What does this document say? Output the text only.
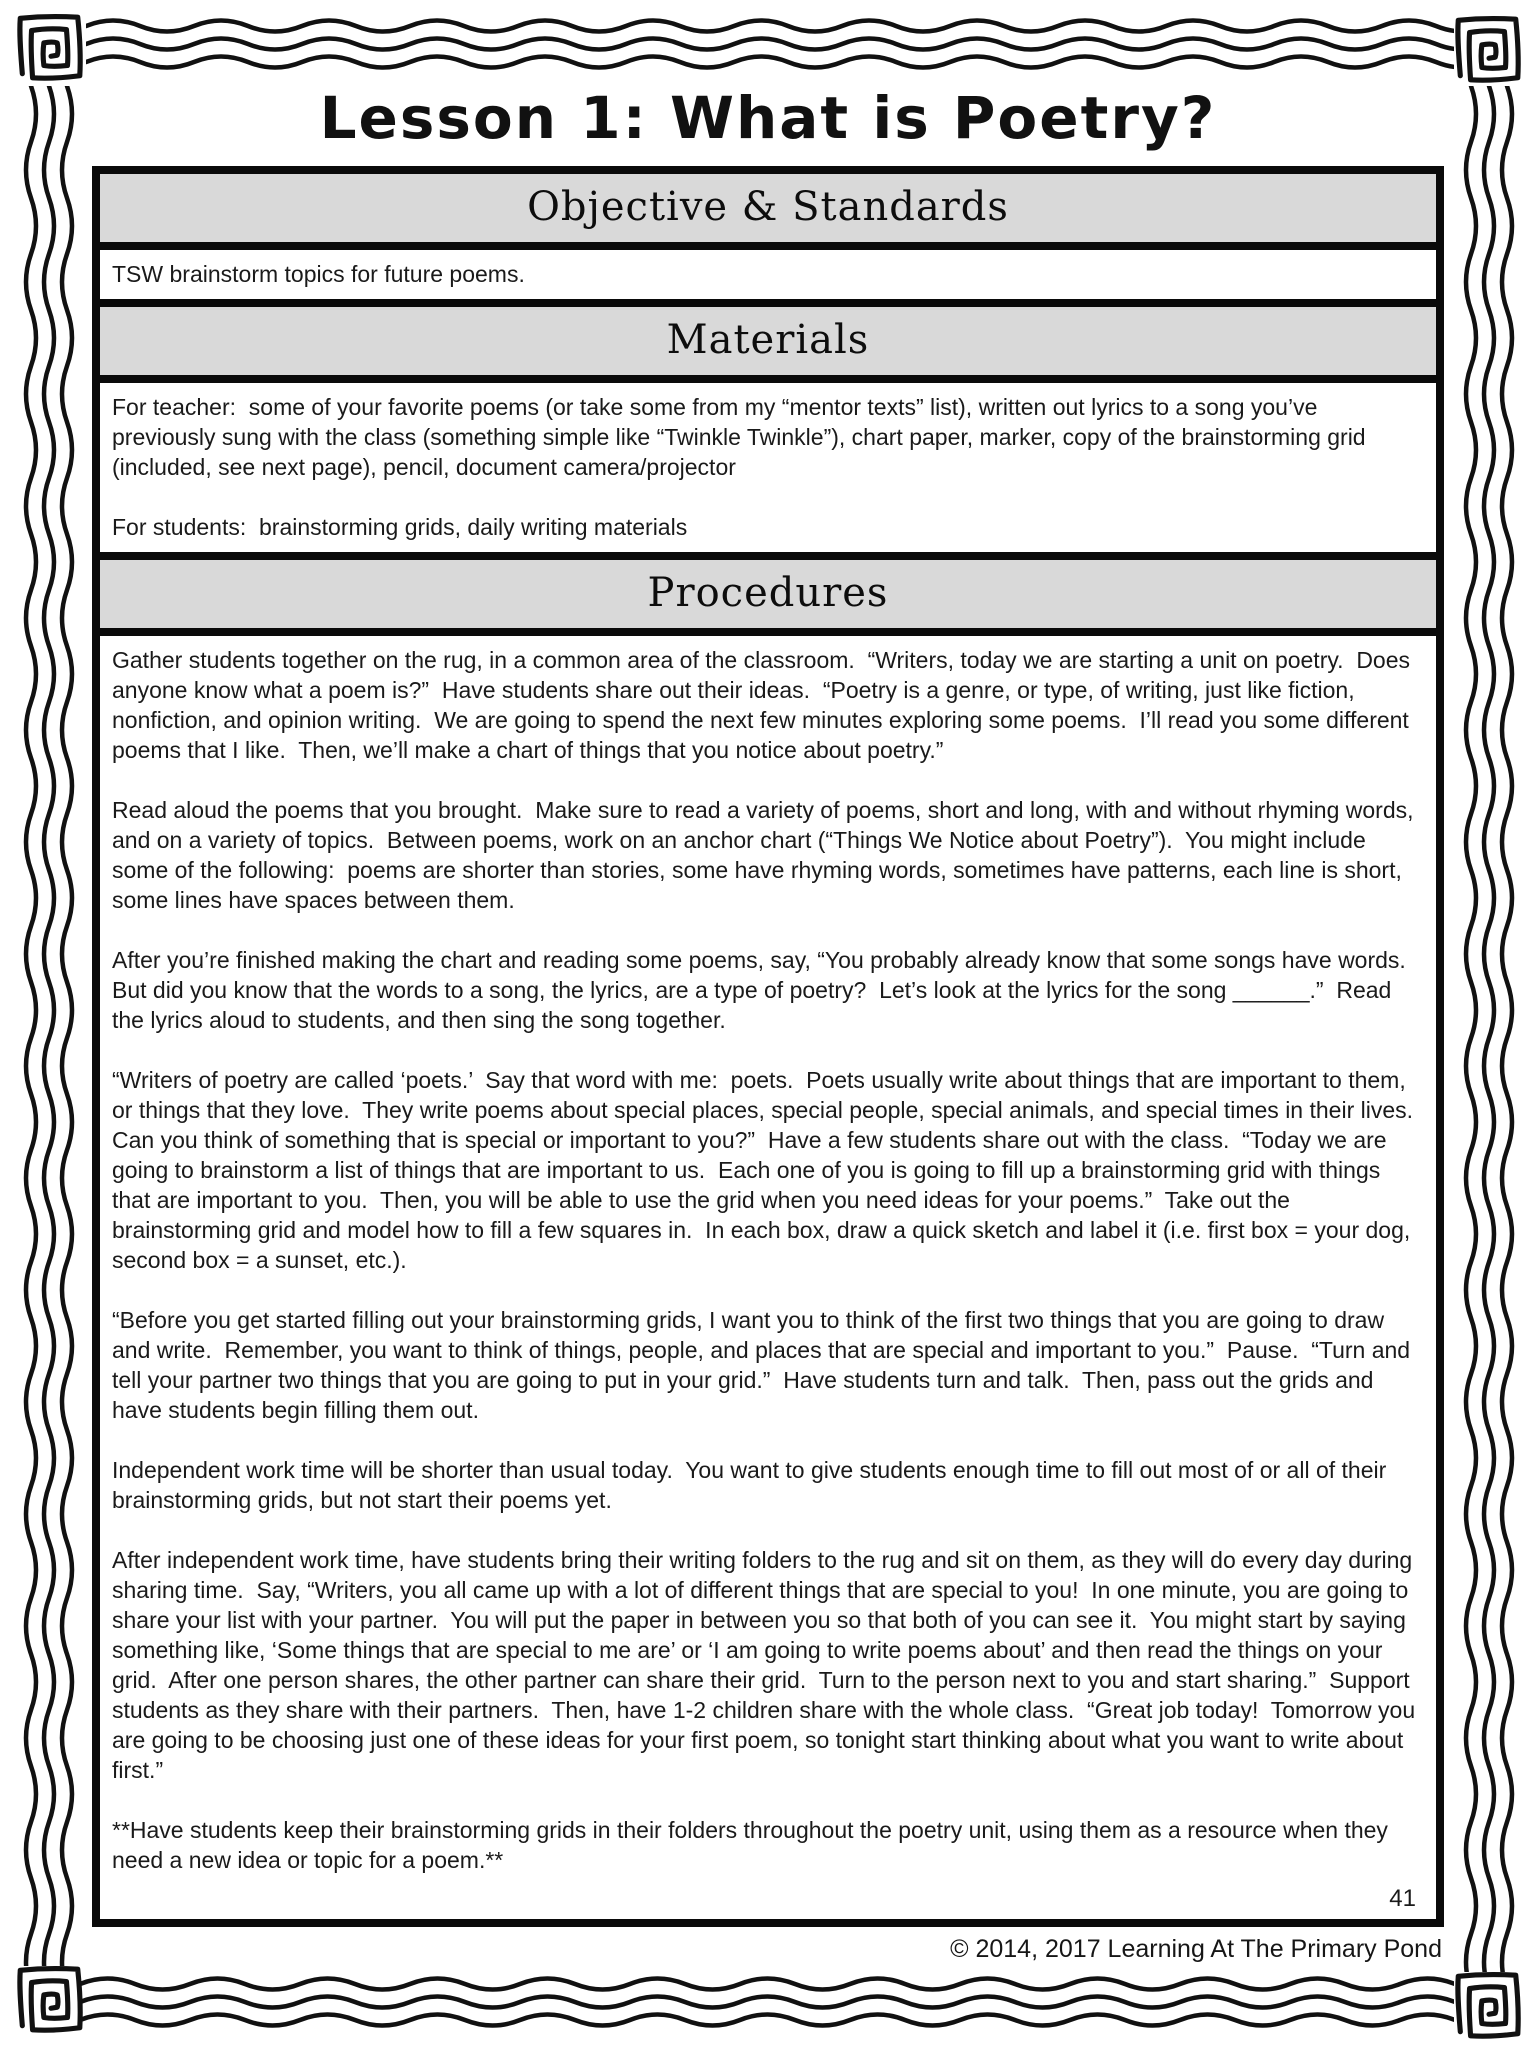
Lesson 1: What is Poetry?
Objective & Standards

TSW brainstorm topics for future poems.

Materials

For teacher:  some of your favorite poems (or take some from my “mentor texts” list), written out lyrics to a song you’ve previously sung with the class (something simple like “Twinkle Twinkle”), chart paper, marker, copy of the brainstorming grid (included, see next page), pencil, document camera/projector

For students:  brainstorming grids, daily writing materials

Procedures

Gather students together on the rug, in a common area of the classroom.  “Writers, today we are starting a unit on poetry.  Does anyone know what a poem is?”  Have students share out their ideas.  “Poetry is a genre, or type, of writing, just like fiction, nonfiction, and opinion writing.  We are going to spend the next few minutes exploring some poems.  I’ll read you some different poems that I like.  Then, we’ll make a chart of things that you notice about poetry.”

Read aloud the poems that you brought.  Make sure to read a variety of poems, short and long, with and without rhyming words, and on a variety of topics.  Between poems, work on an anchor chart (“Things We Notice about Poetry”).  You might include some of the following:  poems are shorter than stories, some have rhyming words, sometimes have patterns, each line is short, some lines have spaces between them.

After you’re finished making the chart and reading some poems, say, “You probably already know that some songs have words.  But did you know that the words to a song, the lyrics, are a type of poetry?  Let’s look at the lyrics for the song ______.”  Read the lyrics aloud to students, and then sing the song together.

“Writers of poetry are called ‘poets.’  Say that word with me:  poets.  Poets usually write about things that are important to them, or things that they love.  They write poems about special places, special people, special animals, and special times in their lives.  Can you think of something that is special or important to you?”  Have a few students share out with the class.  “Today we are going to brainstorm a list of things that are important to us.  Each one of you is going to fill up a brainstorming grid with things that are important to you.  Then, you will be able to use the grid when you need ideas for your poems.”  Take out the brainstorming grid and model how to fill a few squares in.  In each box, draw a quick sketch and label it (i.e. first box = your dog, second box = a sunset, etc.).

“Before you get started filling out your brainstorming grids, I want you to think of the first two things that you are going to draw and write.  Remember, you want to think of things, people, and places that are special and important to you.”  Pause.  “Turn and tell your partner two things that you are going to put in your grid.”  Have students turn and talk.  Then, pass out the grids and have students begin filling them out.

Independent work time will be shorter than usual today.  You want to give students enough time to fill out most of or all of their brainstorming grids, but not start their poems yet.

After independent work time, have students bring their writing folders to the rug and sit on them, as they will do every day during sharing time.  Say, “Writers, you all came up with a lot of different things that are special to you!  In one minute, you are going to share your list with your partner.  You will put the paper in between you so that both of you can see it.  You might start by saying something like, ‘Some things that are special to me are’ or ‘I am going to write poems about’ and then read the things on your grid.  After one person shares, the other partner can share their grid.  Turn to the person next to you and start sharing.”  Support students as they share with their partners.  Then, have 1-2 children share with the whole class.  “Great job today!  Tomorrow you are going to be choosing just one of these ideas for your first poem, so tonight start thinking about what you want to write about first.”

**Have students keep their brainstorming grids in their folders throughout the poetry unit, using them as a resource when they need a new idea or topic for a poem.**

41
© 2014, 2017 Learning At The Primary Pond
